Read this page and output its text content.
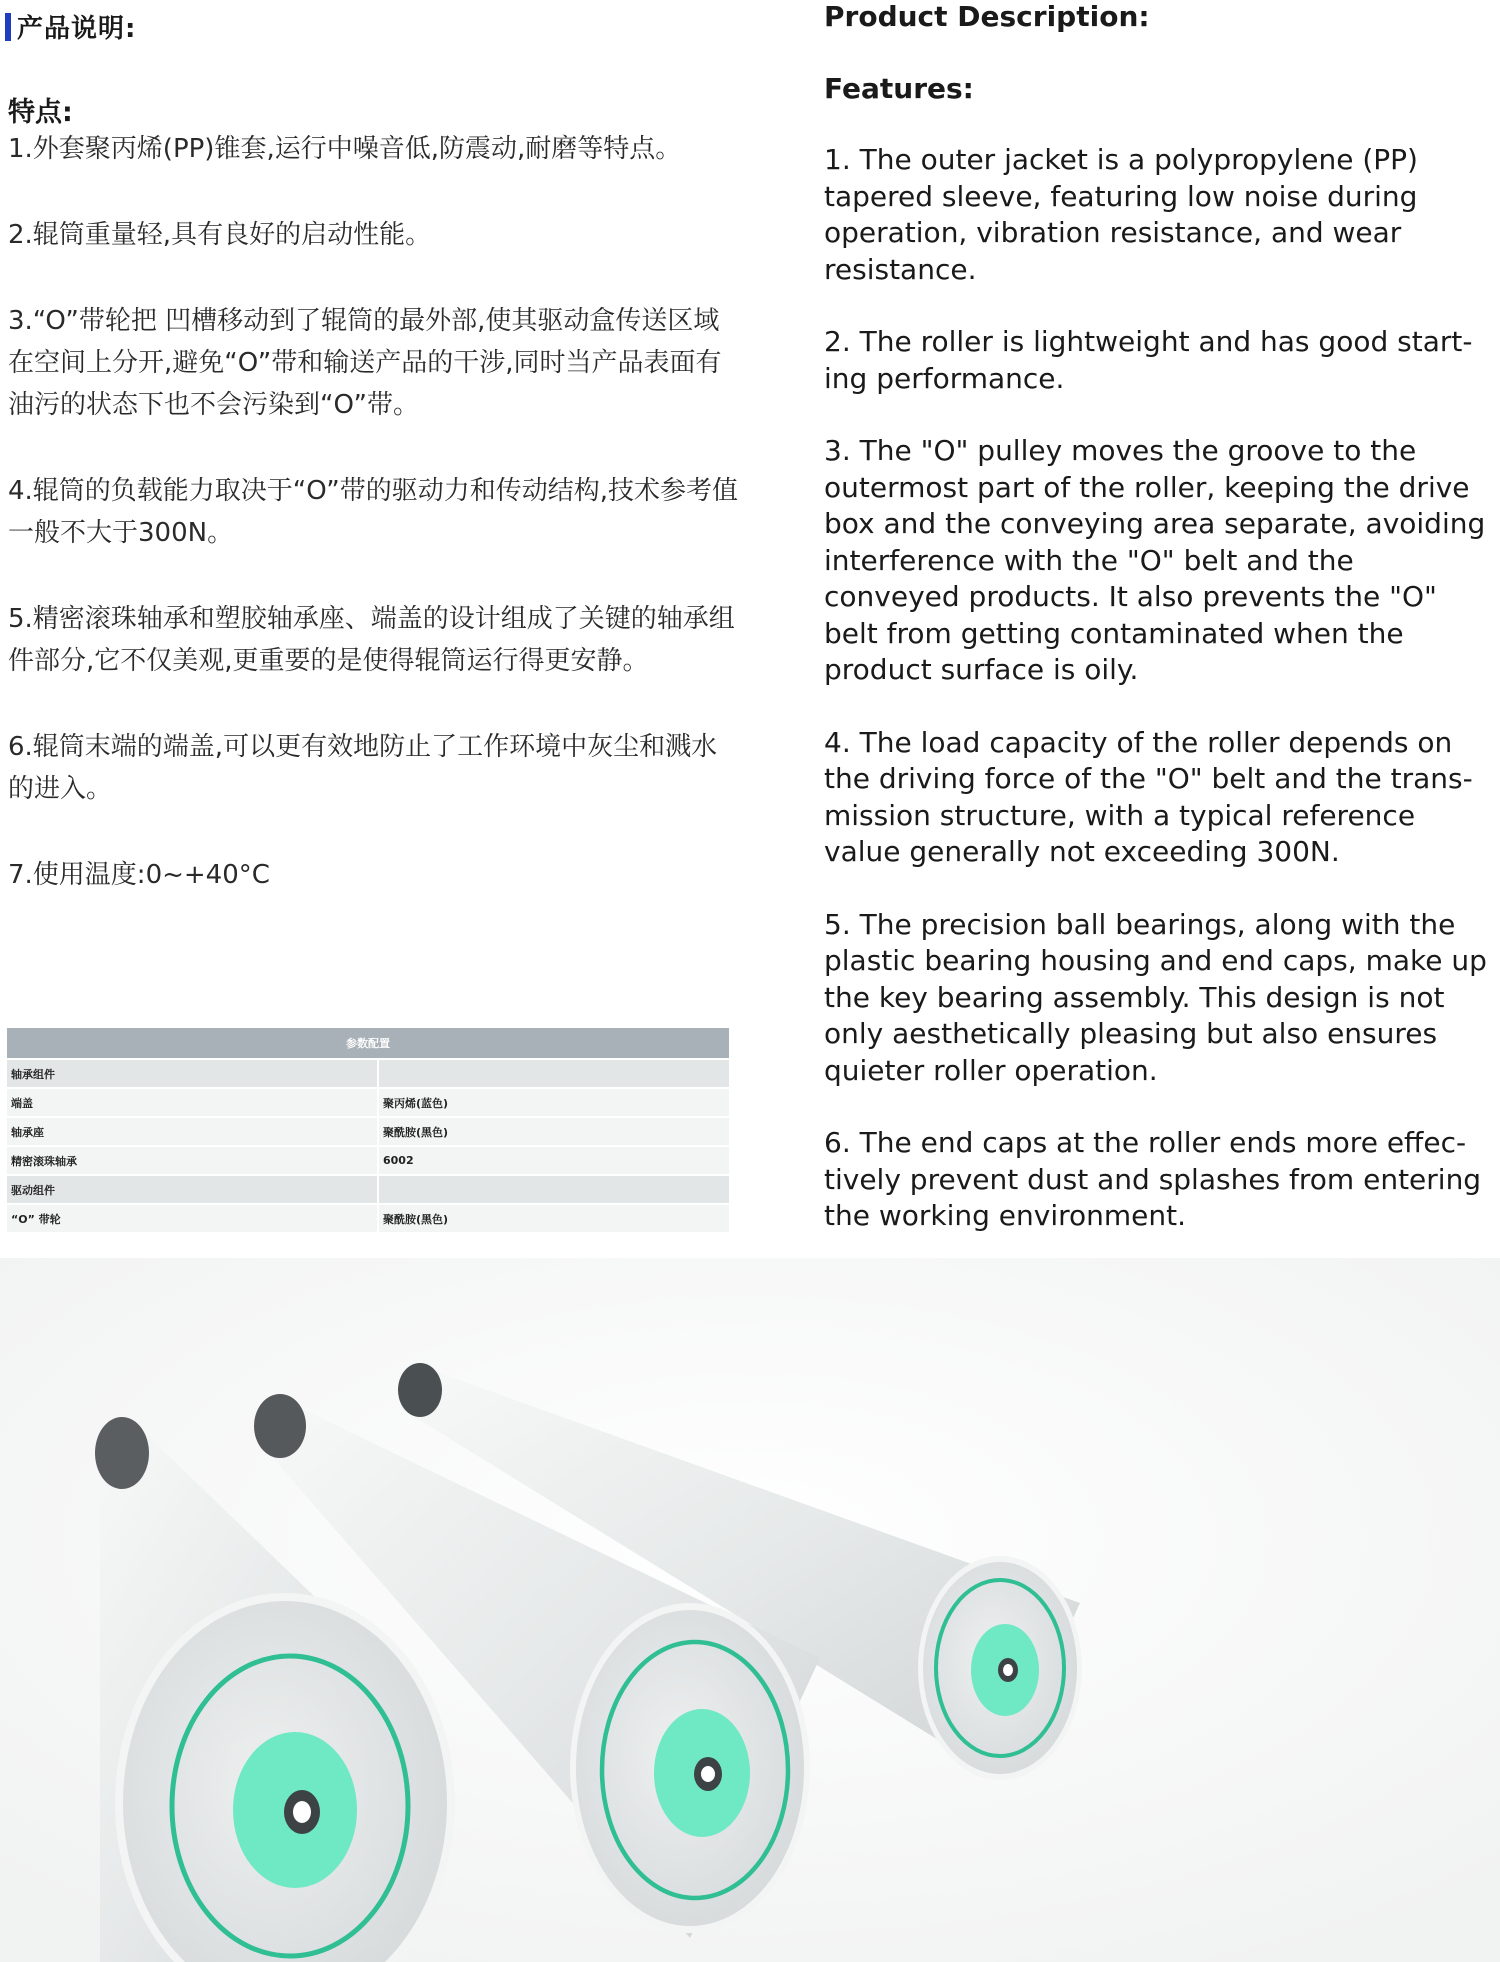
产品说明:
特点:

1.外套聚丙烯(PP)锥套,运行中噪音低,防震动,耐磨等特点。

2.辊筒重量轻,具有良好的启动性能。

3.“O”带轮把 凹槽移动到了辊筒的最外部,使其驱动盒传送区域在空间上分开,避免“O”带和输送产品的干涉,同时当产品表面有油污的状态下也不会污染到“O”带。

4.辊筒的负载能力取决于“O”带的驱动力和传动结构,技术参考值一般不大于300N。

5.精密滚珠轴承和塑胶轴承座、端盖的设计组成了关键的轴承组件部分,它不仅美观,更重要的是使得辊筒运行得更安静。

6.辊筒末端的端盖,可以更有效地防止了工作环境中灰尘和溅水的进入。

7.使用温度:0~+40°C

参数配置	
轴承组件	
端盖	聚丙烯(蓝色)
轴承座	聚酰胺(黑色)
精密滚珠轴承	6002
驱动组件	
“O” 带轮	聚酰胺(黑色)
Product Description:
Features:

1. The outer jacket is a polypropylene (PP) tapered sleeve, featuring low noise during operation, vibration resistance, and wear resistance.

2. The roller is lightweight and has good start-ing performance.

3. The "O" pulley moves the groove to the outermost part of the roller, keeping the drive box and the conveying area separate, avoiding interference with the "O" belt and the conveyed products. It also prevents the "O" belt from getting contaminated when the product surface is oily.

4. The load capacity of the roller depends on the driving force of the "O" belt and the trans-mission structure, with a typical reference value generally not exceeding 300N.

5. The precision ball bearings, along with the plastic bearing housing and end caps, make up the key bearing assembly. This design is not only aesthetically pleasing but also ensures quieter roller operation.

6. The end caps at the roller ends more effec-tively prevent dust and splashes from entering the working environment.
